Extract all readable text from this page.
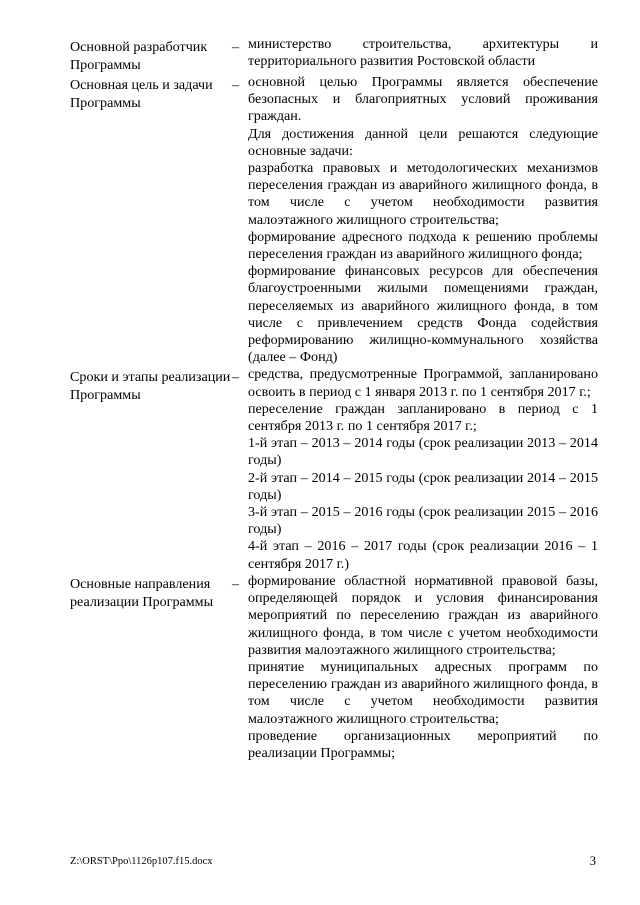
Основной разработчик Программы
– министерство строительства, архитектуры и территориального развития Ростовской области

Основная цель и задачи Программы
– основной целью Программы является обеспечение безопасных и благоприятных условий проживания граждан.

Для достижения данной цели решаются следующие основные задачи:

разработка правовых и методологических механизмов переселения граждан из аварийного жилищного фонда, в том числе с учетом необходимости развития малоэтажного жилищного строительства;

формирование адресного подхода к решению проблемы переселения граждан из аварийного жилищного фонда;

формирование финансовых ресурсов для обеспечения благоустроенными жилыми помещениями граждан, переселяемых из аварийного жилищного фонда, в том числе с привлечением средств Фонда содействия реформированию жилищно-коммунального хозяйства (далее – Фонд)

Сроки и этапы реализации Программы
– средства, предусмотренные Программой, запланировано освоить в период с 1 января 2013 г. по 1 сентября 2017 г.;

переселение граждан запланировано в период с 1 сентября 2013 г. по 1 сентября 2017 г.;

1-й этап – 2013 – 2014 годы (срок реализации 2013 – 2014 годы)

2-й этап – 2014 – 2015 годы (срок реализации 2014 – 2015 годы)

3-й этап – 2015 – 2016 годы (срок реализации 2015 – 2016 годы)

4-й этап – 2016 – 2017 годы (срок реализации 2016 – 1 сентября 2017 г.)

Основные направления реализации Программы
– формирование областной нормативной правовой базы, определяющей порядок и условия финансирования мероприятий по переселению граждан из аварийного жилищного фонда, в том числе с учетом необходимости развития малоэтажного жилищного строительства;

принятие муниципальных адресных программ по переселению граждан из аварийного жилищного фонда, в том числе с учетом необходимости развития малоэтажного жилищного строительства;

проведение организационных мероприятий по реализации Программы;

Z:\ORST\Ppo\1126p107.f15.docx	3
